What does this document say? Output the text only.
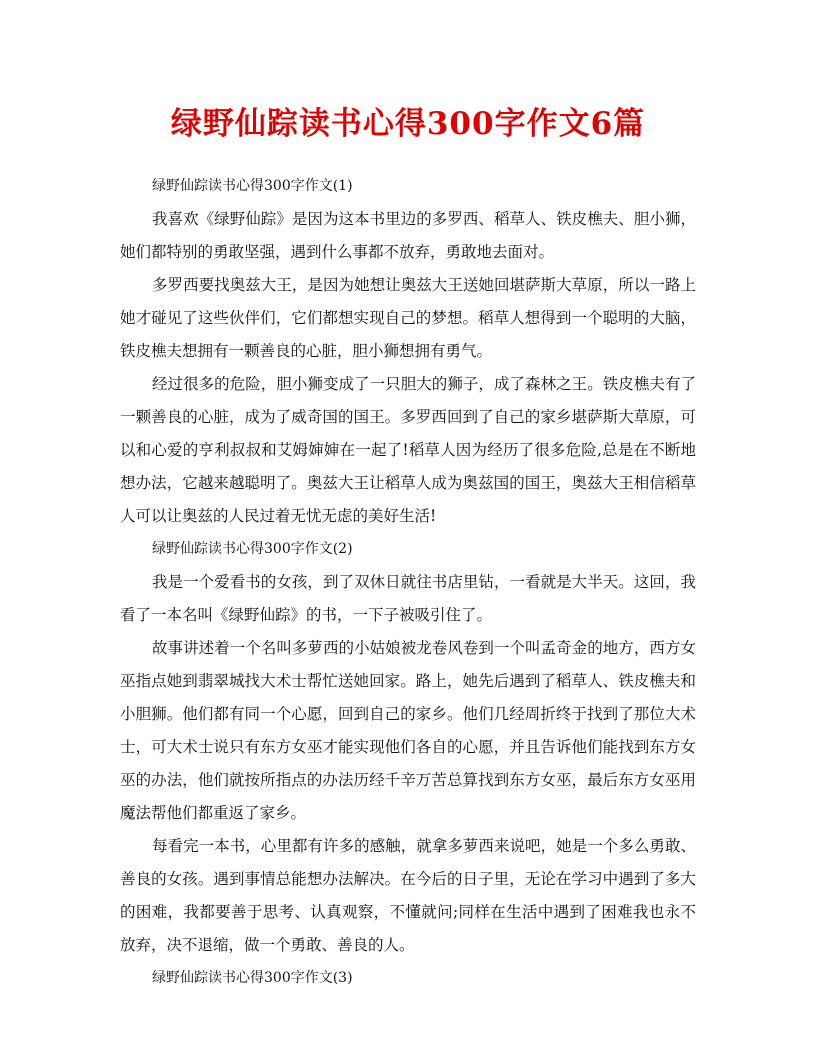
绿野仙踪读书心得300字作文6篇

绿野仙踪读书心得300字作文(1)

我喜欢《绿野仙踪》是因为这本书里边的多罗西、稻草人、铁皮樵夫、胆小狮，她们都特别的勇敢坚强，遇到什么事都不放弃，勇敢地去面对。

多罗西要找奥兹大王，是因为她想让奥兹大王送她回堪萨斯大草原，所以一路上她才碰见了这些伙伴们，它们都想实现自己的梦想。稻草人想得到一个聪明的大脑，铁皮樵夫想拥有一颗善良的心脏，胆小狮想拥有勇气。

经过很多的危险，胆小狮变成了一只胆大的狮子，成了森林之王。铁皮樵夫有了一颗善良的心脏，成为了威奇国的国王。多罗西回到了自己的家乡堪萨斯大草原，可以和心爱的亨利叔叔和艾姆婶婶在一起了!稻草人因为经历了很多危险,总是在不断地想办法，它越来越聪明了。奥兹大王让稻草人成为奥兹国的国王，奥兹大王相信稻草人可以让奥兹的人民过着无忧无虑的美好生活!

绿野仙踪读书心得300字作文(2)

我是一个爱看书的女孩，到了双休日就往书店里钻，一看就是大半天。这回，我看了一本名叫《绿野仙踪》的书，一下子被吸引住了。

故事讲述着一个名叫多萝西的小姑娘被龙卷风卷到一个叫孟奇金的地方，西方女巫指点她到翡翠城找大术士帮忙送她回家。路上，她先后遇到了稻草人、铁皮樵夫和小胆狮。他们都有同一个心愿，回到自己的家乡。他们几经周折终于找到了那位大术士，可大术士说只有东方女巫才能实现他们各自的心愿，并且告诉他们能找到东方女巫的办法，他们就按所指点的办法历经千辛万苦总算找到东方女巫，最后东方女巫用魔法帮他们都重返了家乡。

每看完一本书，心里都有许多的感触，就拿多萝西来说吧，她是一个多么勇敢、善良的女孩。遇到事情总能想办法解决。在今后的日子里，无论在学习中遇到了多大的困难，我都要善于思考、认真观察，不懂就问;同样在生活中遇到了困难我也永不放弃，决不退缩，做一个勇敢、善良的人。

绿野仙踪读书心得300字作文(3)
